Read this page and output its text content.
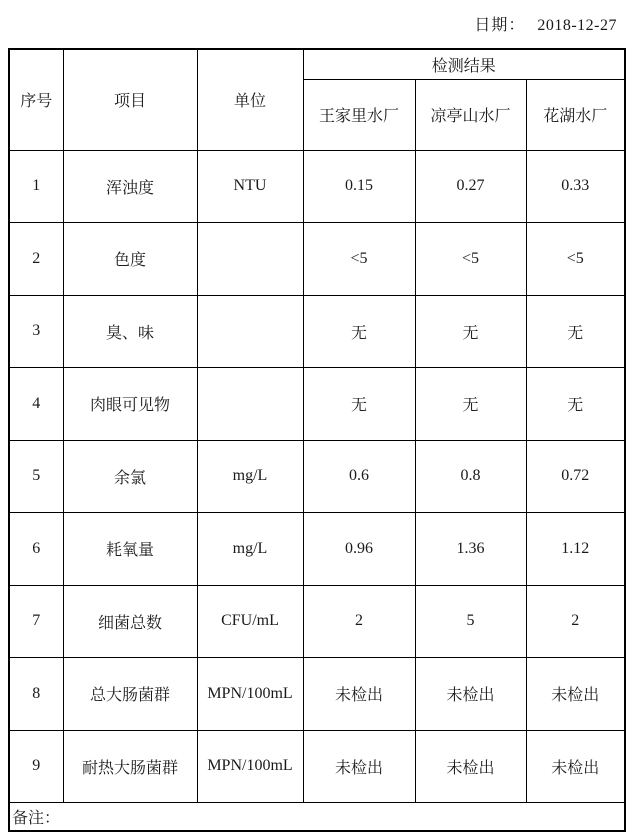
日期： 2018-12-27
序号	项目	单位	检测结果		
			王家里水厂	凉亭山水厂	花湖水厂
1	浑浊度	NTU	0.15	0.27	0.33
2	色度		<5	<5	<5
3	臭、味		无	无	无
4	肉眼可见物		无	无	无
5	余氯	mg/L	0.6	0.8	0.72
6	耗氧量	mg/L	0.96	1.36	1.12
7	细菌总数	CFU/mL	2	5	2
8	总大肠菌群	MPN/100mL	未检出	未检出	未检出
9	耐热大肠菌群	MPN/100mL	未检出	未检出	未检出
备注：					
